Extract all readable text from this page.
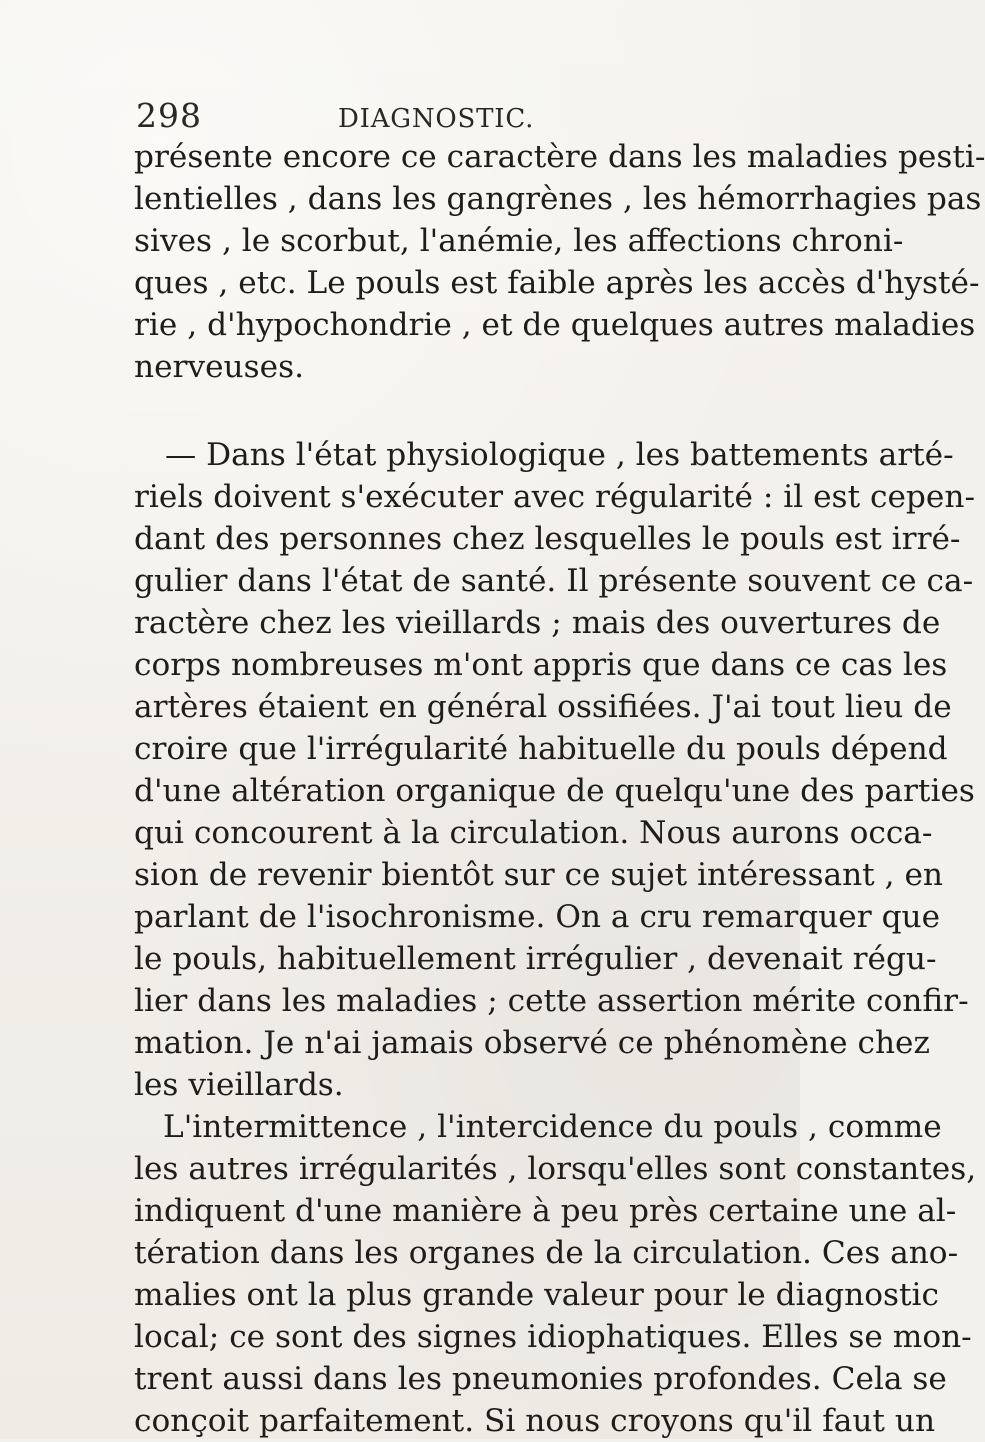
298	DIAGNOSTIC.
présente encore ce caractère dans les maladies pesti-
lentielles , dans les gangrènes , les hémorrhagies pas
sives , le scorbut, l'anémie, les affections chroni-
ques , etc. Le pouls est faible après les accès d'hysté-
rie , d'hypochondrie , et de quelques autres maladies
nerveuses.
— Dans l'état physiologique , les battements arté-
riels doivent s'exécuter avec régularité : il est cepen-
dant des personnes chez lesquelles le pouls est irré-
gulier dans l'état de santé. Il présente souvent ce ca-
ractère chez les vieillards ; mais des ouvertures de
corps nombreuses m'ont appris que dans ce cas les
artères étaient en général ossifiées. J'ai tout lieu de
croire que l'irrégularité habituelle du pouls dépend
d'une altération organique de quelqu'une des parties
qui concourent à la circulation. Nous aurons occa-
sion de revenir bientôt sur ce sujet intéressant , en
parlant de l'isochronisme. On a cru remarquer que
le pouls, habituellement irrégulier , devenait régu-
lier dans les maladies ; cette assertion mérite confir-
mation. Je n'ai jamais observé ce phénomène chez
les vieillards.
L'intermittence , l'intercidence du pouls , comme
les autres irrégularités , lorsqu'elles sont constantes,
indiquent d'une manière à peu près certaine une al-
tération dans les organes de la circulation. Ces ano-
malies ont la plus grande valeur pour le diagnostic
local; ce sont des signes idiophatiques. Elles se mon-
trent aussi dans les pneumonies profondes. Cela se
conçoit parfaitement. Si nous croyons qu'il faut un
